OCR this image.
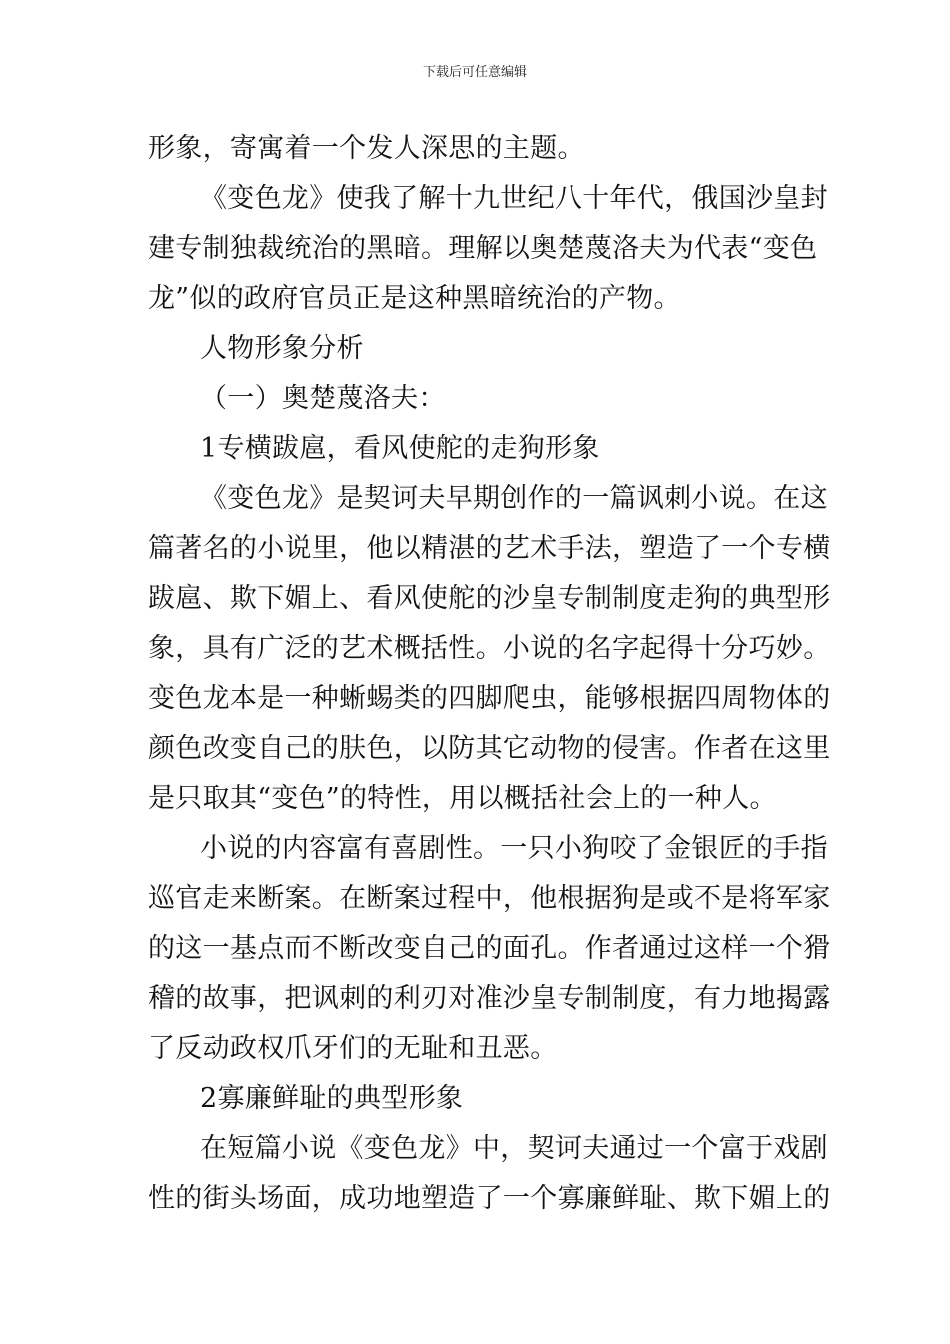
下载后可任意编辑
形象，寄寓着一个发人深思的主题。
《变色龙》使我了解十九世纪八十年代，俄国沙皇封
建专制独裁统治的黑暗。理解以奥楚蔑洛夫为代表“变色
龙”似的政府官员正是这种黑暗统治的产物。
人物形象分析
（一）奥楚蔑洛夫：
1专横跋扈，看风使舵的走狗形象
《变色龙》是契诃夫早期创作的一篇讽刺小说。在这
篇著名的小说里，他以精湛的艺术手法，塑造了一个专横
跋扈、欺下媚上、看风使舵的沙皇专制制度走狗的典型形
象，具有广泛的艺术概括性。小说的名字起得十分巧妙。
变色龙本是一种蜥蜴类的四脚爬虫，能够根据四周物体的
颜色改变自己的肤色，以防其它动物的侵害。作者在这里
是只取其“变色”的特性，用以概括社会上的一种人。
小说的内容富有喜剧性。一只小狗咬了金银匠的手指
巡官走来断案。在断案过程中，他根据狗是或不是将军家
的这一基点而不断改变自己的面孔。作者通过这样一个猾
稽的故事，把讽刺的利刃对准沙皇专制制度，有力地揭露
了反动政权爪牙们的无耻和丑恶。
2寡廉鲜耻的典型形象
在短篇小说《变色龙》中，契诃夫通过一个富于戏剧
性的街头场面，成功地塑造了一个寡廉鲜耻、欺下媚上的
